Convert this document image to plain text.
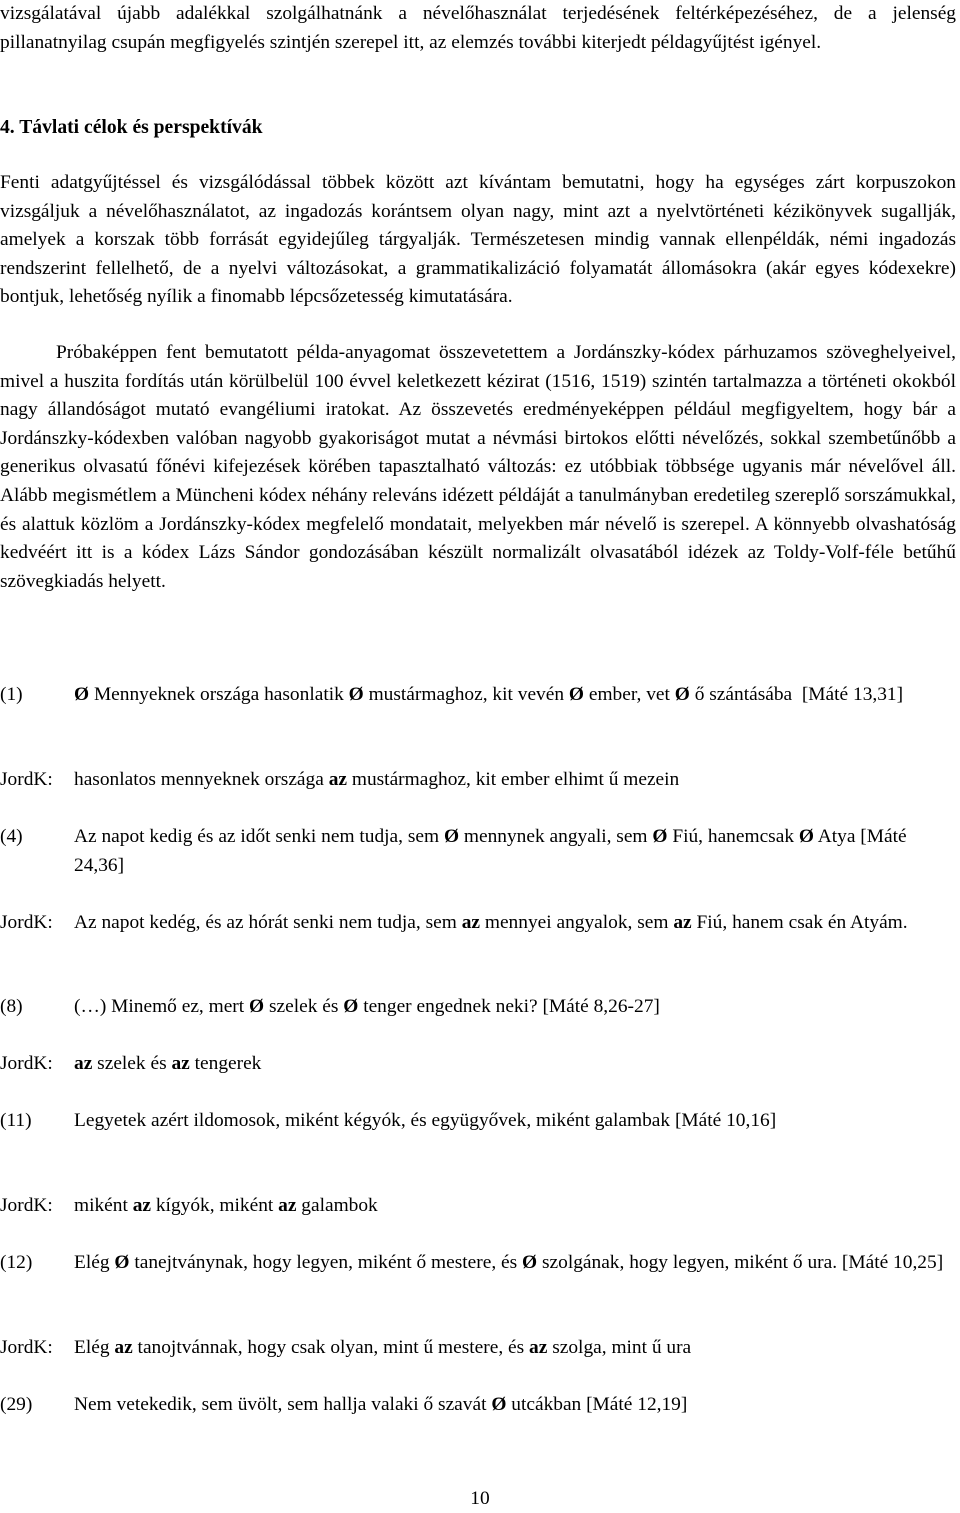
vizsgálatával újabb adalékkal szolgálhatnánk a névelőhasználat terjedésének feltérképezéséhez, de a jelenség pillanatnyilag csupán megfigyelés szintjén szerepel itt, az elemzés további kiterjedt példagyűjtést igényel.

4. Távlati célok és perspektívák

Fenti adatgyűjtéssel és vizsgálódással többek között azt kívántam bemutatni, hogy ha egységes zárt korpuszokon vizsgáljuk a névelőhasználatot, az ingadozás korántsem olyan nagy, mint azt a nyelvtörténeti kézikönyvek sugallják, amelyek a korszak több forrását egyidejűleg tárgyalják. Természetesen mindig vannak ellenpéldák, némi ingadozás rendszerint fellelhető, de a nyelvi változásokat, a grammatikalizáció folyamatát állomásokra (akár egyes kódexekre) bontjuk, lehetőség nyílik a finomabb lépcsőzetesség kimutatására.

Próbaképpen fent bemutatott példa-anyagomat összevetettem a Jordánszky-kódex párhuzamos szöveghelyeivel, mivel a huszita fordítás után körülbelül 100 évvel keletkezett kézirat (1516, 1519) szintén tartalmazza a történeti okokból nagy állandóságot mutató evangéliumi iratokat. Az összevetés eredményeképpen például megfigyeltem, hogy bár a Jordánszky-kódexben valóban nagyobb gyakoriságot mutat a névmási birtokos előtti névelőzés, sokkal szembetűnőbb a generikus olvasatú főnévi kifejezések körében tapasztalható változás: ez utóbbiak többsége ugyanis már névelővel áll. Alább megismétlem a Müncheni kódex néhány releváns idézett példáját a tanulmányban eredetileg szereplő sorszámukkal, és alattuk közlöm a Jordánszky-kódex megfelelő mondatait, melyekben már névelő is szerepel. A könnyebb olvashatóság kedvéért itt is a kódex Lázs Sándor gondozásában készült normalizált olvasatából idézek az Toldy-Volf-féle betűhű szövegkiadás helyett.

(1)	Ø Mennyeknek országa hasonlatik Ø mustármaghoz, kit vevén Ø ember, vet Ø ő szántásába  [Máté 13,31]
JordK: hasonlatos mennyeknek országa az mustármaghoz, kit ember elhimt ű mezein
(4)	Az napot kedig és az időt senki nem tudja, sem Ø mennynek angyali, sem Ø Fiú, hanemcsak Ø Atya [Máté 24,36]
JordK: Az napot kedég, és az hórát senki nem tudja, sem az mennyei angyalok, sem az Fiú, hanem csak én Atyám.
(8)	(…) Minemő ez, mert Ø szelek és Ø tenger engednek neki? [Máté 8,26-27]
JordK: az szelek és az tengerek
(11) Legyetek azért ildomosok, miként kégyók, és együgyővek, miként galambak [Máté 10,16]
JordK: miként az kígyók, miként az galambok
(12) Elég Ø tanejtványnak, hogy legyen, miként ő mestere, és Ø szolgának, hogy legyen, miként ő ura. [Máté 10,25]
JordK: Elég az tanojtvánnak, hogy csak olyan, mint ű mestere, és az szolga, mint ű ura
(29) Nem vetekedik, sem üvölt, sem hallja valaki ő szavát Ø utcákban [Máté 12,19]
10
